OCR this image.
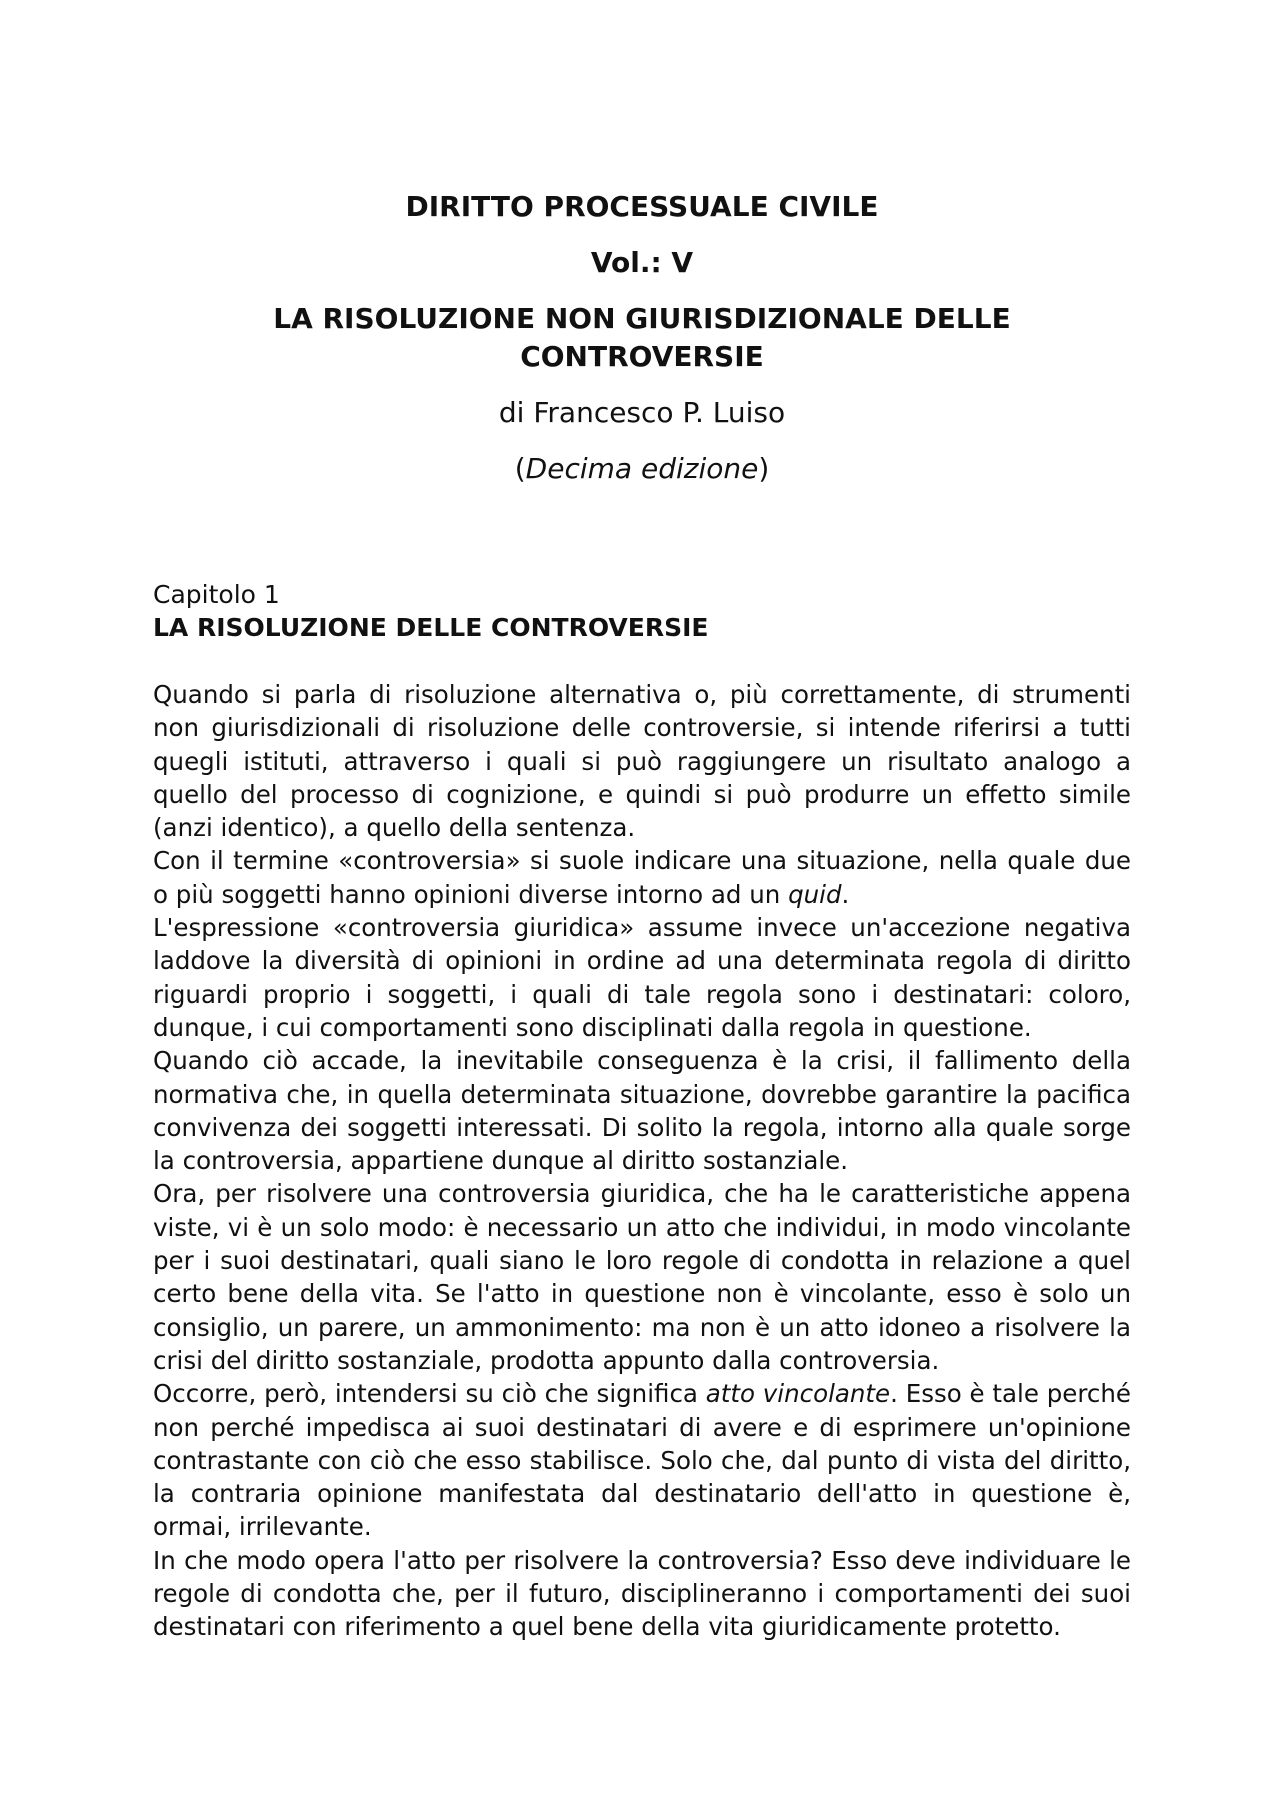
DIRITTO PROCESSUALE CIVILE
Vol.: V
LA RISOLUZIONE NON GIURISDIZIONALE DELLE CONTROVERSIE

di Francesco P. Luiso

(Decima edizione)

Capitolo 1
LA RISOLUZIONE DELLE CONTROVERSIE

Quando si parla di risoluzione alternativa o, più correttamente, di strumenti non giurisdizionali di risoluzione delle controversie, si intende riferirsi a tutti quegli istituti, attraverso i quali si può raggiungere un risultato analogo a quello del processo di cognizione, e quindi si può produrre un effetto simile (anzi identico), a quello della sentenza.

Con il termine «controversia» si suole indicare una situazione, nella quale due o più soggetti hanno opinioni diverse intorno ad un quid.

L'espressione «controversia giuridica» assume invece un'accezione negativa laddove la diversità di opinioni in ordine ad una determinata regola di diritto riguardi proprio i soggetti, i quali di tale regola sono i destinatari: coloro, dunque, i cui comportamenti sono disciplinati dalla regola in questione.

Quando ciò accade, la inevitabile conseguenza è la crisi, il fallimento della normativa che, in quella determinata situazione, dovrebbe garantire la pacifica convivenza dei soggetti interessati. Di solito la regola, intorno alla quale sorge la controversia, appartiene dunque al diritto sostanziale.

Ora, per risolvere una controversia giuridica, che ha le caratteristiche appena viste, vi è un solo modo: è necessario un atto che individui, in modo vincolante per i suoi destinatari, quali siano le loro regole di condotta in relazione a quel certo bene della vita. Se l'atto in questione non è vincolante, esso è solo un consiglio, un parere, un ammonimento: ma non è un atto idoneo a risolvere la crisi del diritto sostanziale, prodotta appunto dalla controversia.

Occorre, però, intendersi su ciò che significa atto vincolante. Esso è tale perché non perché impedisca ai suoi destinatari di avere e di esprimere un'opinione contrastante con ciò che esso stabilisce. Solo che, dal punto di vista del diritto, la contraria opinione manifestata dal destinatario dell'atto in questione è, ormai, irrilevante.

In che modo opera l'atto per risolvere la controversia? Esso deve individuare le regole di condotta che, per il futuro, disciplineranno i comportamenti dei suoi destinatari con riferimento a quel bene della vita giuridicamente protetto.
